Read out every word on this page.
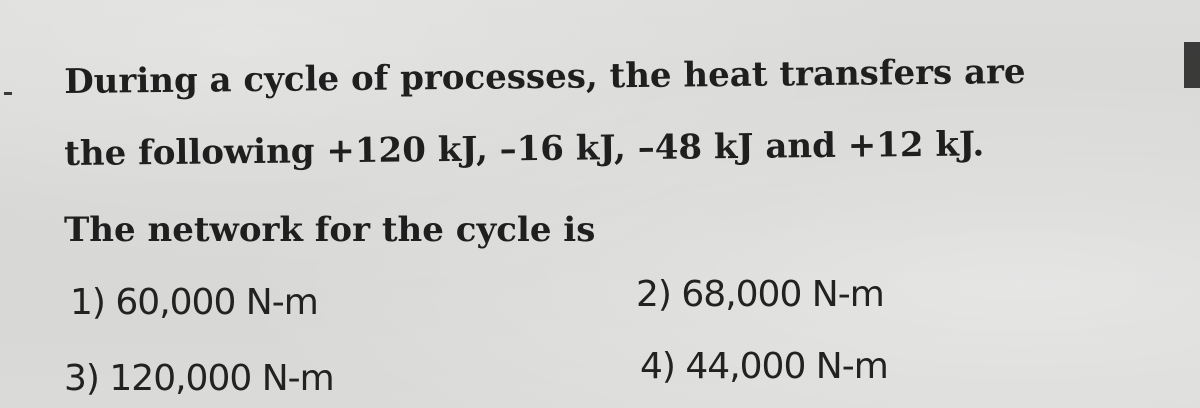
During a cycle of processes, the heat transfers are
the following +120 kJ, –16 kJ, –48 kJ and +12 kJ.
The network for the cycle is
1) 60,000 N-m	2) 68,000 N-m
3) 120,000 N-m	4) 44,000 N-m
